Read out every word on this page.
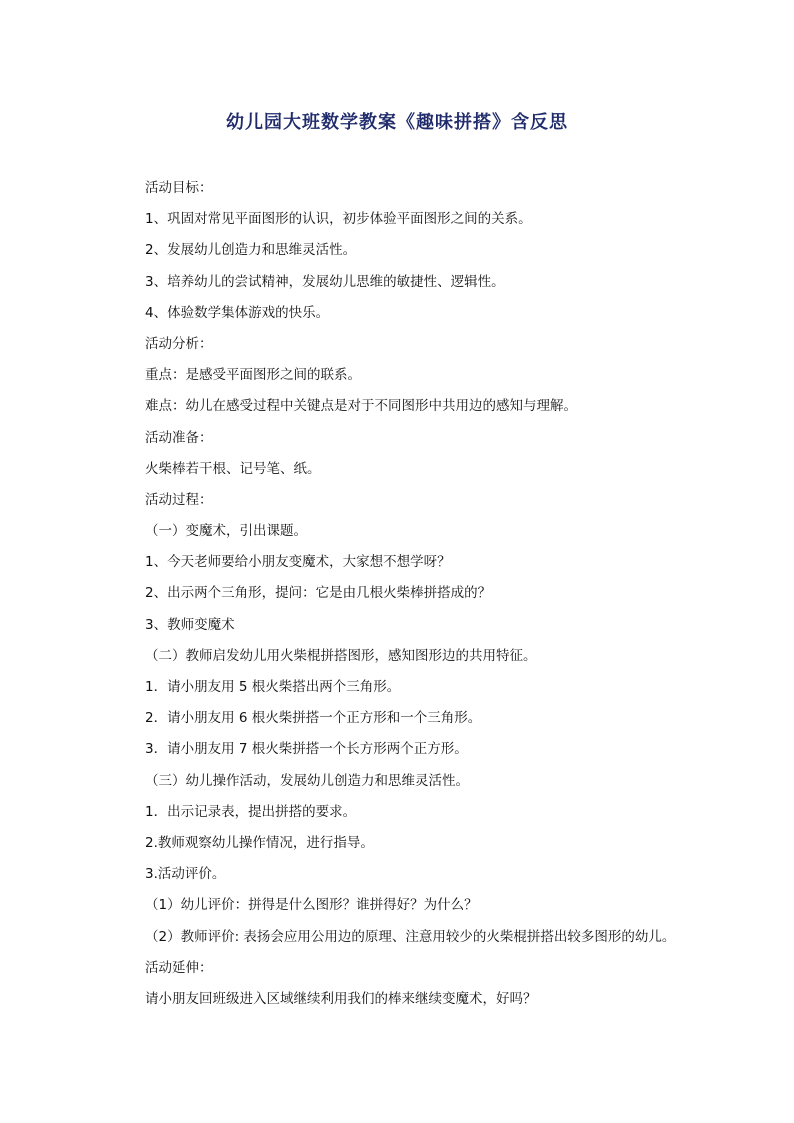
幼儿园大班数学教案《趣味拼搭》含反思
活动目标：
1、巩固对常见平面图形的认识，初步体验平面图形之间的关系。
2、发展幼儿创造力和思维灵活性。
3、培养幼儿的尝试精神，发展幼儿思维的敏捷性、逻辑性。
4、体验数学集体游戏的快乐。
活动分析：
重点：是感受平面图形之间的联系。
难点：幼儿在感受过程中关键点是对于不同图形中共用边的感知与理解。
活动准备：
火柴棒若干根、记号笔、纸。
活动过程：
（一）变魔术，引出课题。
1、今天老师要给小朋友变魔术，大家想不想学呀？
2、出示两个三角形，提问：它是由几根火柴棒拼搭成的？
3、教师变魔术
（二）教师启发幼儿用火柴棍拼搭图形，感知图形边的共用特征。
1．请小朋友用 5 根火柴搭出两个三角形。
2．请小朋友用 6 根火柴拼搭一个正方形和一个三角形。
3．请小朋友用 7 根火柴拼搭一个长方形两个正方形。
（三）幼儿操作活动，发展幼儿创造力和思维灵活性。
1．出示记录表，提出拼搭的要求。
2.教师观察幼儿操作情况，进行指导。
3.活动评价。
（1）幼儿评价：拼得是什么图形？谁拼得好？为什么？
（2）教师评价: 表扬会应用公用边的原理、注意用较少的火柴棍拼搭出较多图形的幼儿。
活动延伸：
请小朋友回班级进入区域继续利用我们的棒来继续变魔术，好吗？
